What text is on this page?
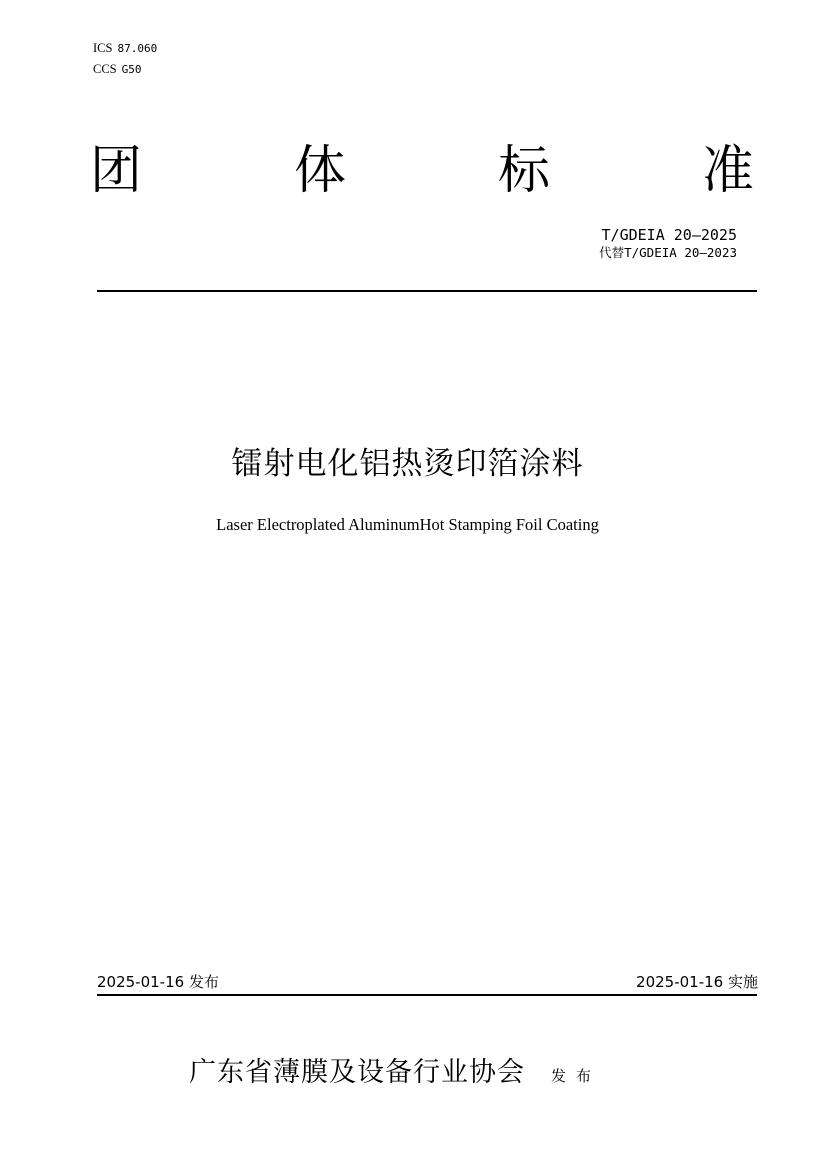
ICS 87.060
CCS G50
团	体	标	准
T/GDEIA 20—2025
代替T/GDEIA 20—2023
镭射电化铝热烫印箔涂料
Laser Electroplated AluminumHot Stamping Foil Coating
2025-01-16 发布	2025-01-16 实施
广东省薄膜及设备行业协会 发布
